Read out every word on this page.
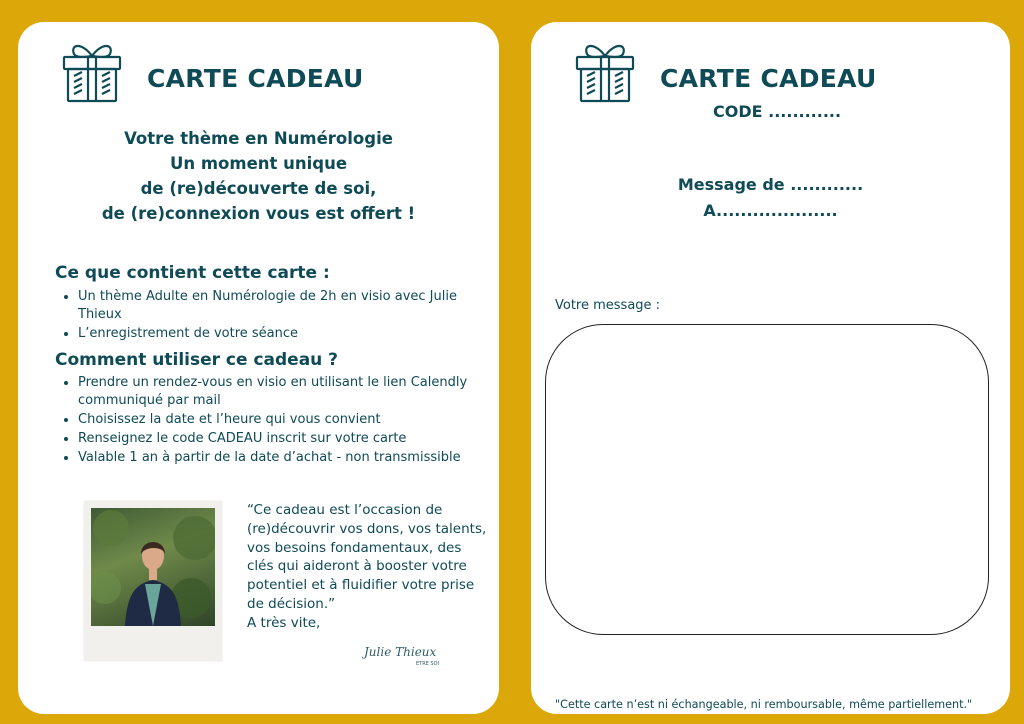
CARTE CADEAU
Votre thème en Numérologie
Un moment unique
de (re)découverte de soi,
de (re)connexion vous est offert !
Ce que contient cette carte :
• Un thème Adulte en Numérologie de 2h en visio avec Julie Thieux
• L’enregistrement de votre séance
Comment utiliser ce cadeau ?
• Prendre un rendez-vous en visio en utilisant le lien Calendly communiqué par mail
• Choisissez la date et l’heure qui vous convient
• Renseignez le code CADEAU inscrit sur votre carte
• Valable 1 an à partir de la date d’achat - non transmissible
“Ce cadeau est l’occasion de
(re)découvrir vos dons, vos talents,
vos besoins fondamentaux, des
clés qui aideront à booster votre
potentiel et à fluidifier votre prise
de décision.”
A très vite,
Julie Thieux
ETRE SOI
CARTE CADEAU
CODE ............
Message de ............
A....................
Votre message :
"Cette carte n’est ni échangeable, ni remboursable, même partiellement."
